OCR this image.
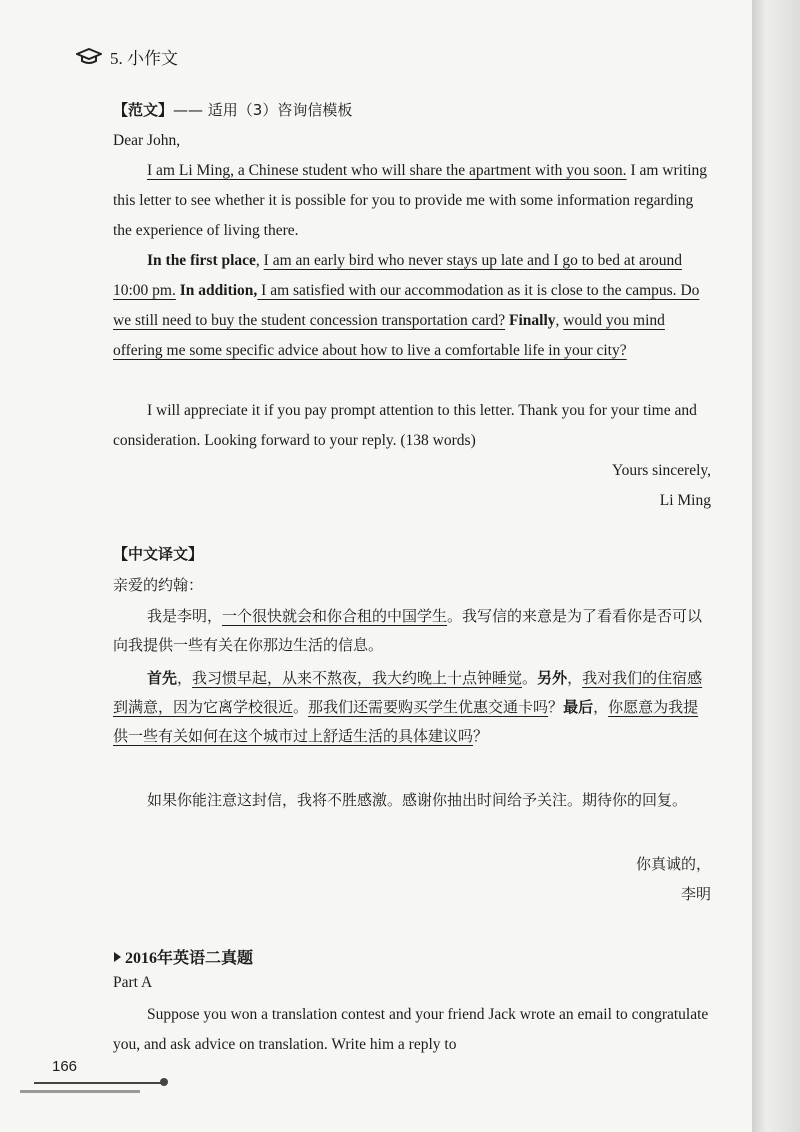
5. 小作文
【范文】—— 适用（3）咨询信模板
Dear John,
I am Li Ming, a Chinese student who will share the apartment with you soon. I am writing this letter to see whether it is possible for you to provide me with some information regarding the experience of living there.
In the first place, I am an early bird who never stays up late and I go to bed at around 10:00 pm. In addition, I am satisfied with our accommodation as it is close to the campus. Do we still need to buy the student concession transportation card? Finally, would you mind offering me some specific advice about how to live a comfortable life in your city?
I will appreciate it if you pay prompt attention to this letter. Thank you for your time and consideration. Looking forward to your reply. (138 words)
Yours sincerely,
Li Ming
【中文译文】
亲爱的约翰：
我是李明，一个很快就会和你合租的中国学生。我写信的来意是为了看看你是否可以向我提供一些有关在你那边生活的信息。
首先，我习惯早起，从来不熬夜，我大约晚上十点钟睡觉。另外，我对我们的住宿感到满意，因为它离学校很近。那我们还需要购买学生优惠交通卡吗？最后，你愿意为我提供一些有关如何在这个城市过上舒适生活的具体建议吗？
如果你能注意这封信，我将不胜感激。感谢你抽出时间给予关注。期待你的回复。
你真诚的，
李明
2016年英语二真题
Part A
Suppose you won a translation contest and your friend Jack wrote an email to congratulate you, and ask advice on translation. Write him a reply to
166
